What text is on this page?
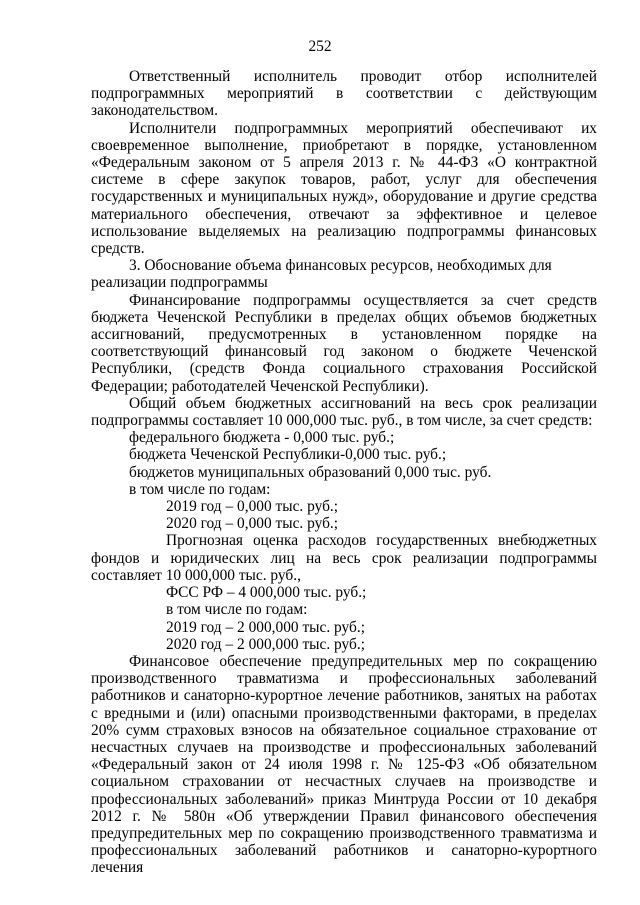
252

Ответственный исполнитель проводит отбор исполнителей подпрограммных мероприятий в соответствии с действующим законодательством.

Исполнители подпрограммных мероприятий обеспечивают их своевременное выполнение, приобретают в порядке, установленном «Федеральным законом от 5 апреля 2013 г. № 44-ФЗ «О контрактной системе в сфере закупок товаров, работ, услуг для обеспечения государственных и муниципальных нужд», оборудование и другие средства материального обеспечения, отвечают за эффективное и целевое использование выделяемых на реализацию подпрограммы финансовых средств.

3. Обоснование объема финансовых ресурсов, необходимых для реализации подпрограммы

Финансирование подпрограммы осуществляется за счет средств бюджета Чеченской Республики в пределах общих объемов бюджетных ассигнований, предусмотренных в установленном порядке на соответствующий финансовый год законом о бюджете Чеченской Республики, (средств Фонда социального страхования Российской Федерации; работодателей Чеченской Республики).

Общий объем бюджетных ассигнований на весь срок реализации подпрограммы составляет 10 000,000 тыс. руб., в том числе, за счет средств:

федерального бюджета - 0,000 тыс. руб.;

бюджета Чеченской Республики-0,000 тыс. руб.;

бюджетов муниципальных образований 0,000 тыс. руб.

в том числе по годам:

2019 год – 0,000 тыс. руб.;

2020 год – 0,000 тыс. руб.;

Прогнозная оценка расходов государственных внебюджетных фондов и юридических лиц на весь срок реализации подпрограммы составляет 10 000,000 тыс. руб.,

ФСС РФ – 4 000,000 тыс. руб.;

в том числе по годам:

2019 год – 2 000,000 тыс. руб.;

2020 год – 2 000,000 тыс. руб.;

Финансовое обеспечение предупредительных мер по сокращению производственного травматизма и профессиональных заболеваний работников и санаторно-курортное лечение работников, занятых на работах с вредными и (или) опасными производственными факторами, в пределах 20% сумм страховых взносов на обязательное социальное страхование от несчастных случаев на производстве и профессиональных заболеваний «Федеральный закон от 24 июля 1998 г. № 125-ФЗ «Об обязательном социальном страховании от несчастных случаев на производстве и профессиональных заболеваний» приказ Минтруда России от 10 декабря 2012 г. № 580н «Об утверждении Правил финансового обеспечения предупредительных мер по сокращению производственного травматизма и профессиональных заболеваний работников и санаторно-курортного лечения
